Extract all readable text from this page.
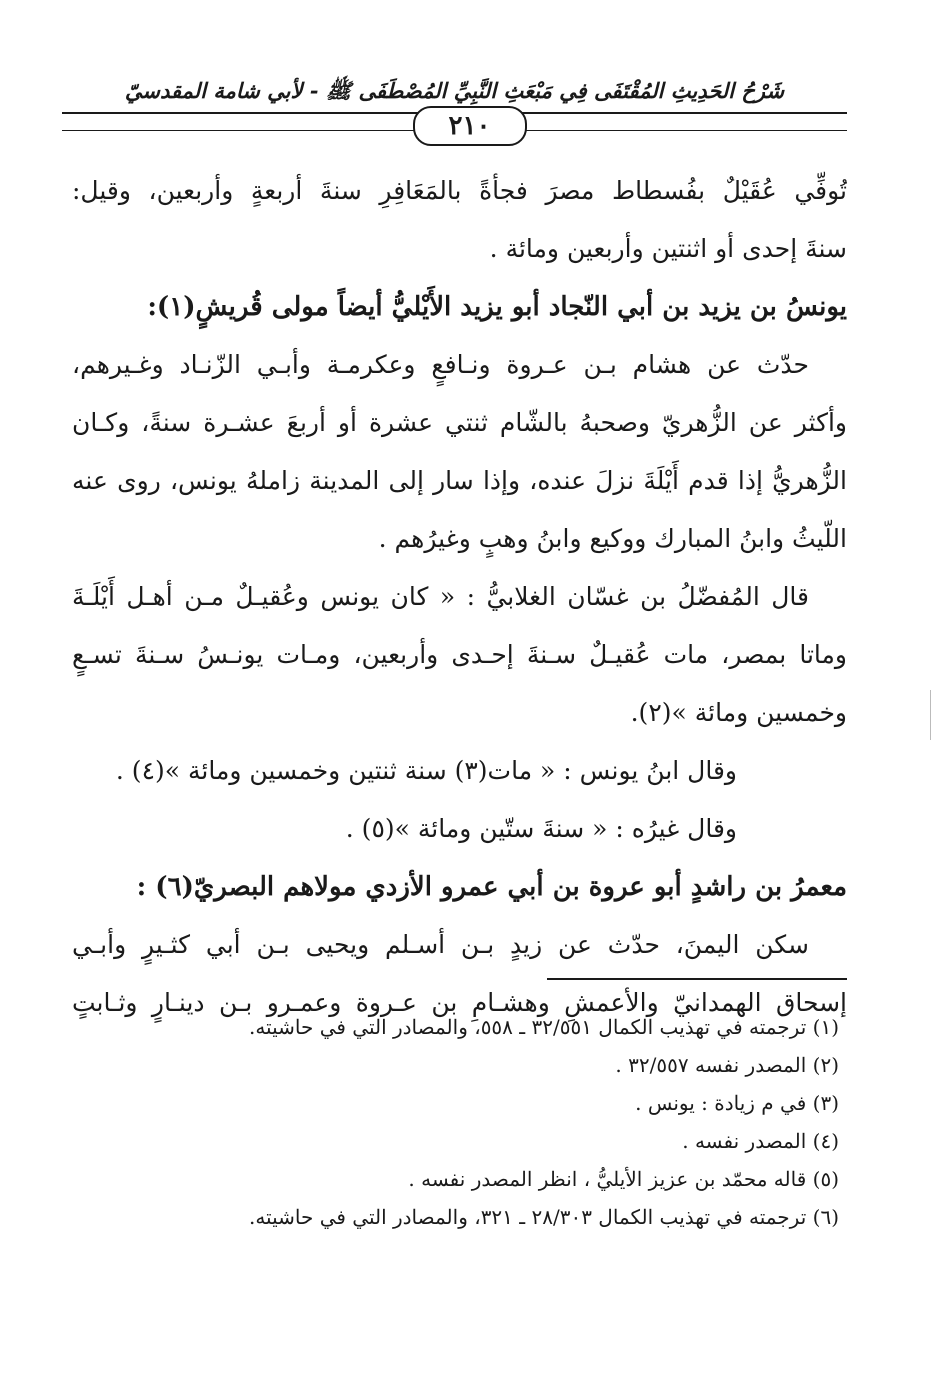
شَرْحُ الحَدِيثِ المُقْتَفَى فِي مَبْعَثِ النَّبِيِّ المُصْطَفَى ﷺ - لأبي شامة المقدسيّ
٢١٠
تُوفِّي عُقَيْلٌ بفُسطاط مصرَ فجأةً بالمَعَافِرِ سنةَ أربعةٍ وأربعين، وقيل:
سنةَ إحدى أو اثنتين وأربعين ومائة .
يونسُ بن يزيد بن أبي النّجاد أبو يزيد الأَيْليُّ أيضاً مولى قُريشٍ(١):
حدّث عن هشام بـن عـروة ونـافعٍ وعكرمـة وأبـي الزّنـاد وغـيرهم،
وأكثر عن الزُّهريّ وصحبهُ بالشّام ثنتي عشرة أو أربعَ عشـرة سنةً، وكـان
الزُّهريُّ إذا قدم أَيْلَةَ نزلَ عنده، وإذا سار إلى المدينة زاملهُ يونس، روى عنه
اللّيثُ وابنُ المبارك ووكيع وابنُ وهبٍ وغيرُهم .
قال المُفضّلُ بن غسّان الغلابيُّ : « كان يونس وعُقيـلٌ مـن أهـل أَيْلَـةَ
وماتا بمصر، مات عُقيـلٌ سـنةَ إحـدى وأربعين، ومـات يونـسُ سـنةَ تسـعٍ
وخمسين ومائة »(٢).
وقال ابنُ يونس : « مات(٣) سنة ثنتين وخمسين ومائة »(٤) .
وقال غيرُه : « سنةَ ستّين ومائة »(٥) .
معمرُ بن راشدٍ أبو عروة بن أبي عمرو الأزدي مولاهم البصريّ(٦) :
سكن اليمنَ، حدّث عن زيدٍ بـن أسـلم ويحيى بـن أبي كثـيرٍ وأبـي
إسحاق الهمدانيّ والأعمشِ وهشـامِ بن عـروة وعمـرو بـن دينـارٍ وثـابتٍ
(١) ترجمته في تهذيب الكمال ٣٢/٥٥١ ـ ٥٥٨، والمصادر التي في حاشيته.
(٢) المصدر نفسه ٣٢/٥٥٧ .
(٣) في م زيادة : يونس .
(٤) المصدر نفسه .
(٥) قاله محمّد بن عزيز الأيليُّ ، انظر المصدر نفسه .
(٦) ترجمته في تهذيب الكمال ٢٨/٣٠٣ ـ ٣٢١، والمصادر التي في حاشيته.
